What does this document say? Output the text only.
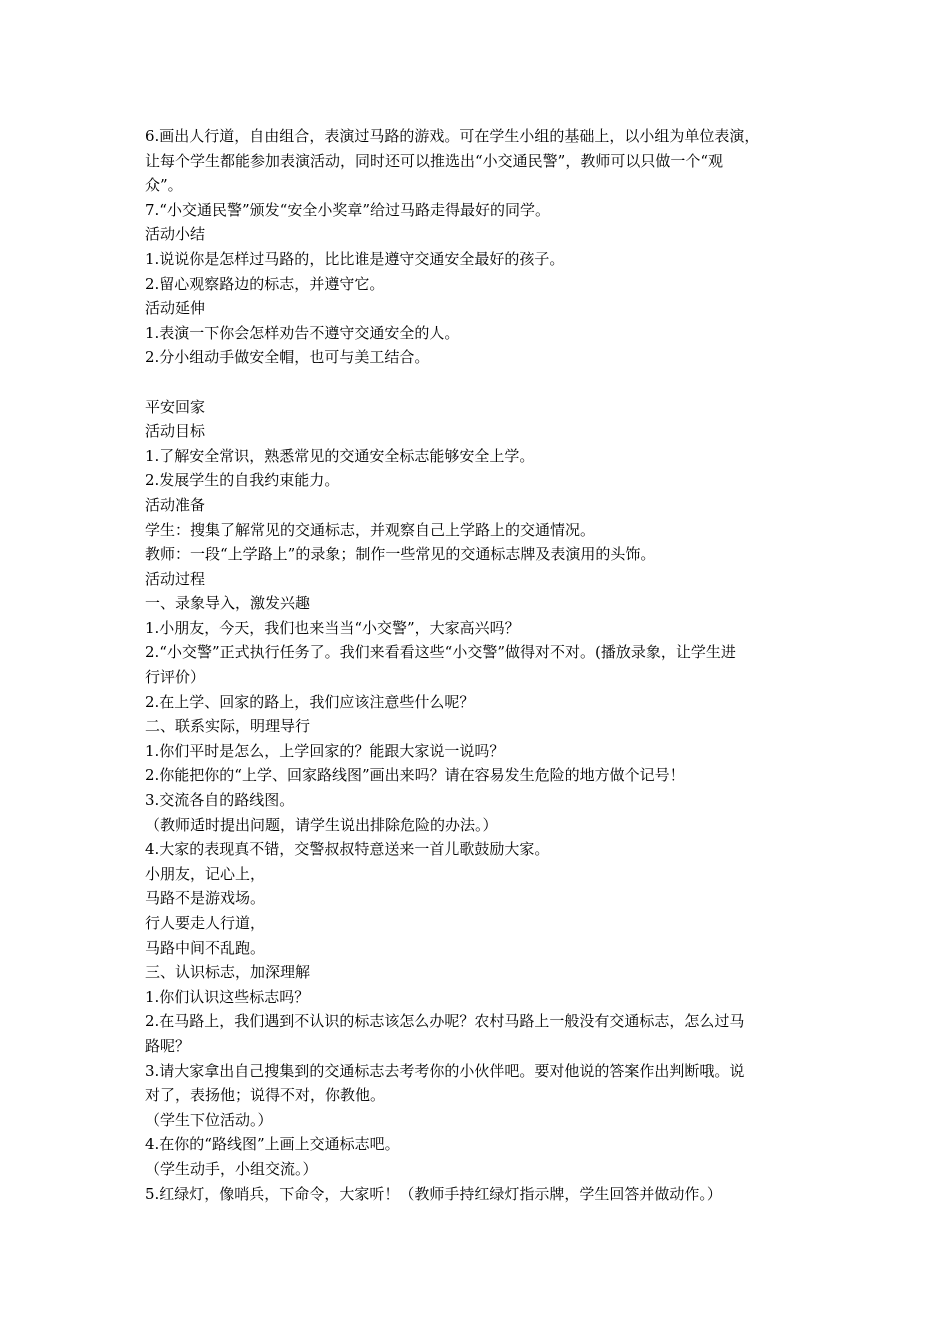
6.画出人行道，自由组合，表演过马路的游戏。可在学生小组的基础上，以小组为单位表演，
让每个学生都能参加表演活动，同时还可以推选出“小交通民警”，教师可以只做一个“观
众”。
7.“小交通民警”颁发“安全小奖章”给过马路走得最好的同学。
活动小结
1.说说你是怎样过马路的，比比谁是遵守交通安全最好的孩子。
2.留心观察路边的标志，并遵守它。
活动延伸
1.表演一下你会怎样劝告不遵守交通安全的人。
2.分小组动手做安全帽，也可与美工结合。
平安回家
活动目标
1.了解安全常识，熟悉常见的交通安全标志能够安全上学。
2.发展学生的自我约束能力。
活动准备
学生：搜集了解常见的交通标志，并观察自己上学路上的交通情况。
教师：一段“上学路上”的录象；制作一些常见的交通标志牌及表演用的头饰。
活动过程
一、录象导入，激发兴趣
1.小朋友，今天，我们也来当当“小交警”，大家高兴吗？
2.“小交警”正式执行任务了。我们来看看这些“小交警”做得对不对。(播放录象，让学生进
行评价）
2.在上学、回家的路上，我们应该注意些什么呢？
二、联系实际，明理导行
1.你们平时是怎么，上学回家的？能跟大家说一说吗？
2.你能把你的“上学、回家路线图”画出来吗？请在容易发生危险的地方做个记号！
3.交流各自的路线图。
（教师适时提出问题，请学生说出排除危险的办法。）
4.大家的表现真不错，交警叔叔特意送来一首儿歌鼓励大家。
小朋友，记心上，
马路不是游戏场。
行人要走人行道，
马路中间不乱跑。
三、认识标志，加深理解
1.你们认识这些标志吗？
2.在马路上，我们遇到不认识的标志该怎么办呢？农村马路上一般没有交通标志，怎么过马
路呢？
3.请大家拿出自己搜集到的交通标志去考考你的小伙伴吧。要对他说的答案作出判断哦。说
对了，表扬他；说得不对，你教他。
（学生下位活动。）
4.在你的“路线图”上画上交通标志吧。
（学生动手，小组交流。）
5.红绿灯，像哨兵，下命令，大家听！（教师手持红绿灯指示牌，学生回答并做动作。）
